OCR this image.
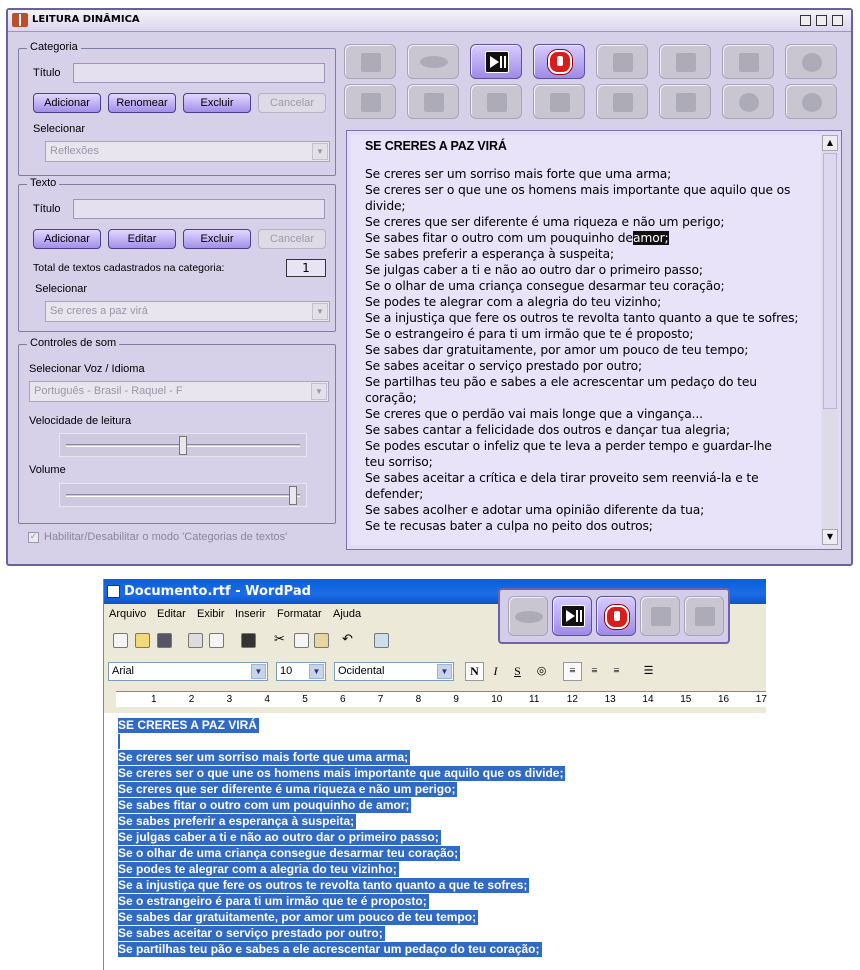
LEITURA DINÂMICA
Categoria
Título
Adicionar	Renomear	Excluir	Cancelar
Selecionar
Reflexões	▼
Texto
Título
Adicionar	Editar	Excluir	Cancelar
Total de textos cadastrados na categoria:	1
Selecionar
Se creres a paz virá	▼
Controles de som
Selecionar Voz / Idioma
Português - Brasil - Raquel - F	▼
Velocidade de leitura
Volume
✓ Habilitar/Desabilitar o modo 'Categorias de textos'
SE CRERES A PAZ VIRÁ
Se creres ser um sorriso mais forte que uma arma;
Se creres ser o que une os homens mais importante que aquilo que os
divide;
Se creres que ser diferente é uma riqueza e não um perigo;
Se sabes fitar o outro com um pouquinho de amor;
Se sabes preferir a esperança à suspeita;
Se julgas caber a ti e não ao outro dar o primeiro passo;
Se o olhar de uma criança consegue desarmar teu coração;
Se podes te alegrar com a alegria do teu vizinho;
Se a injustiça que fere os outros te revolta tanto quanto a que te sofres;
Se o estrangeiro é para ti um irmão que te é proposto;
Se sabes dar gratuitamente, por amor um pouco de teu tempo;
Se sabes aceitar o serviço prestado por outro;
Se partilhas teu pão e sabes a ele acrescentar um pedaço do teu
coração;
Se creres que o perdão vai mais longe que a vingança...
Se sabes cantar a felicidade dos outros e dançar tua alegria;
Se podes escutar o infeliz que te leva a perder tempo e guardar-lhe
teu sorriso;
Se sabes aceitar a crítica e dela tirar proveito sem reenviá-la e te
defender;
Se sabes acolher e adotar uma opinião diferente da tua;
Se te recusas bater a culpa no peito dos outros;
▲
▼
Documento.rtf - WordPad
Arquivo Editar Exibir Inserir Formatar Ajuda
✂	↶
Arial	▼	10	▼	Ocidental	▼	N	I	S	◎	≡	≡	≡	☰
1	2	3	4	5	6	7	8	9	10	11	12	13	14	15	16	17
SE CRERES A PAZ VIRÁ
Se creres ser um sorriso mais forte que uma arma;
Se creres ser o que une os homens mais importante que aquilo que os divide;
Se creres que ser diferente é uma riqueza e não um perigo;
Se sabes fitar o outro com um pouquinho de amor;
Se sabes preferir a esperança à suspeita;
Se julgas caber a ti e não ao outro dar o primeiro passo;
Se o olhar de uma criança consegue desarmar teu coração;
Se podes te alegrar com a alegria do teu vizinho;
Se a injustiça que fere os outros te revolta tanto quanto a que te sofres;
Se o estrangeiro é para ti um irmão que te é proposto;
Se sabes dar gratuitamente, por amor um pouco de teu tempo;
Se sabes aceitar o serviço prestado por outro;
Se partilhas teu pão e sabes a ele acrescentar um pedaço do teu coração;
